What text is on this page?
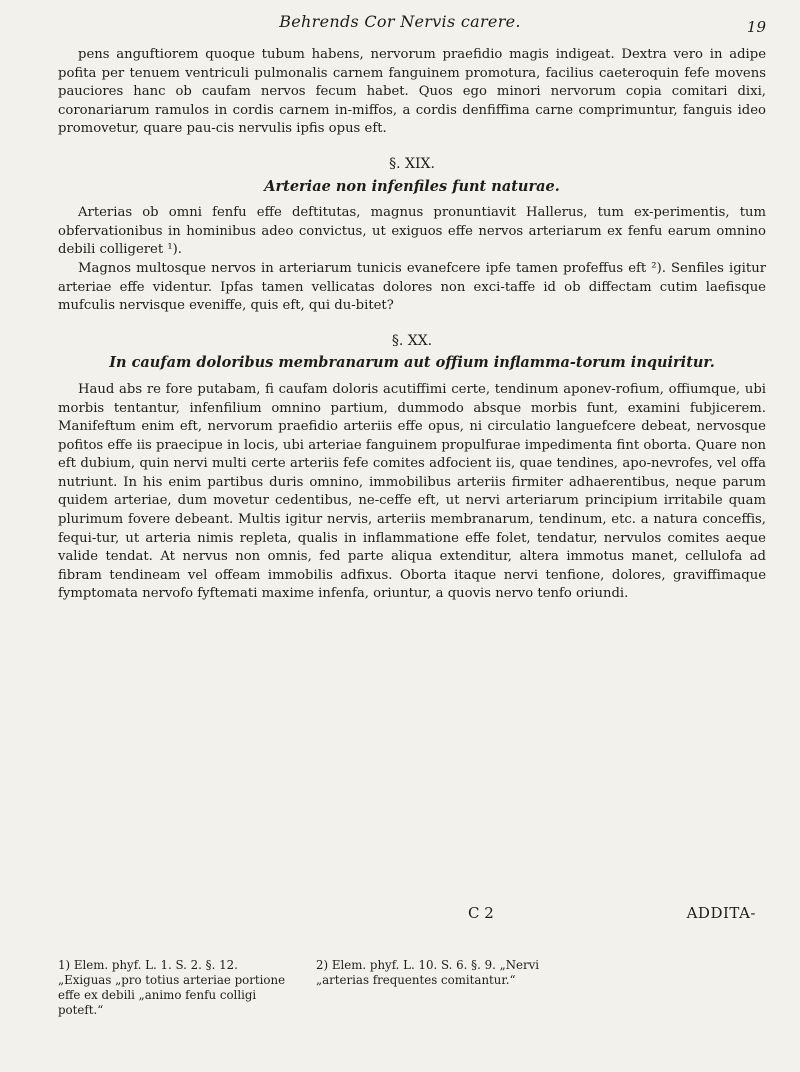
Behrends Cor Nervis carere.	19

pens anguftiorem quoque tubum habens, nervorum praefidio magis indigeat. Dextra vero in adipe pofita per tenuem ventriculi pulmonalis carnem fanguinem promotura, facilius caeteroquin fefe movens pauciores hanc ob caufam nervos fecum habet. Quos ego minori nervorum copia comitari dixi, coronariarum ramulos in cordis carnem in-miffos, a cordis denfiffima carne comprimuntur, fanguis ideo promovetur, quare pau-cis nervulis ipfis opus eft.

§. XIX.
Arteriae non infenfiles funt naturae.

Arterias ob omni fenfu effe deftitutas, magnus pronuntiavit Hallerus, tum ex-perimentis, tum obfervationibus in hominibus adeo convictus, ut exiguos effe nervos arteriarum ex fenfu earum omnino debili colligeret ¹).

Magnos multosque nervos in arteriarum tunicis evanefcere ipfe tamen profeffus eft ²). Senfiles igitur arteriae effe videntur. Ipfas tamen vellicatas dolores non exci-taffe id ob diffectam cutim laefisque mufculis nervisque eveniffe, quis eft, qui du-bitet?

§. XX.
In caufam doloribus membranarum aut offium inflamma-torum inquiritur.

Haud abs re fore putabam, fi caufam doloris acutiffimi certe, tendinum aponev-rofium, offiumque, ubi morbis tentantur, infenfilium omnino partium, dummodo absque morbis funt, examini fubjicerem. Manifeftum enim eft, nervorum praefidio arteriis effe opus, ni circulatio languefcere debeat, nervosque pofitos effe iis praecipue in locis, ubi arteriae fanguinem propulfurae impedimenta fint oborta. Quare non eft dubium, quin nervi multi certe arteriis fefe comites adfocient iis, quae tendines, apo-nevrofes, vel offa nutriunt. In his enim partibus duris omnino, immobilibus arteriis firmiter adhaerentibus, neque parum quidem arteriae, dum movetur cedentibus, ne-ceffe eft, ut nervi arteriarum principium irritabile quam plurimum fovere debeant. Multis igitur nervis, arteriis membranarum, tendinum, etc. a natura conceffis, fequi-tur, ut arteria nimis repleta, qualis in inflammatione effe folet, tendatur, nervulos comites aeque valide tendat. At nervus non omnis, fed parte aliqua extenditur, altera immotus manet, cellulofa ad fibram tendineam vel offeam immobilis adfixus. Oborta itaque nervi tenfione, dolores, graviffimaque fymptomata nervofo fyftemati maxime infenfa, oriuntur, a quovis nervo tenfo oriundi.

C 2	ADDITA-
1) Elem. phyf. L. 1. S. 2. §. 12. „Exiguas „pro totius arteriae portione effe ex debili „animo fenfu colligi poteft.“
2) Elem. phyf. L. 10. S. 6. §. 9. „Nervi „arterias frequentes comitantur.“
